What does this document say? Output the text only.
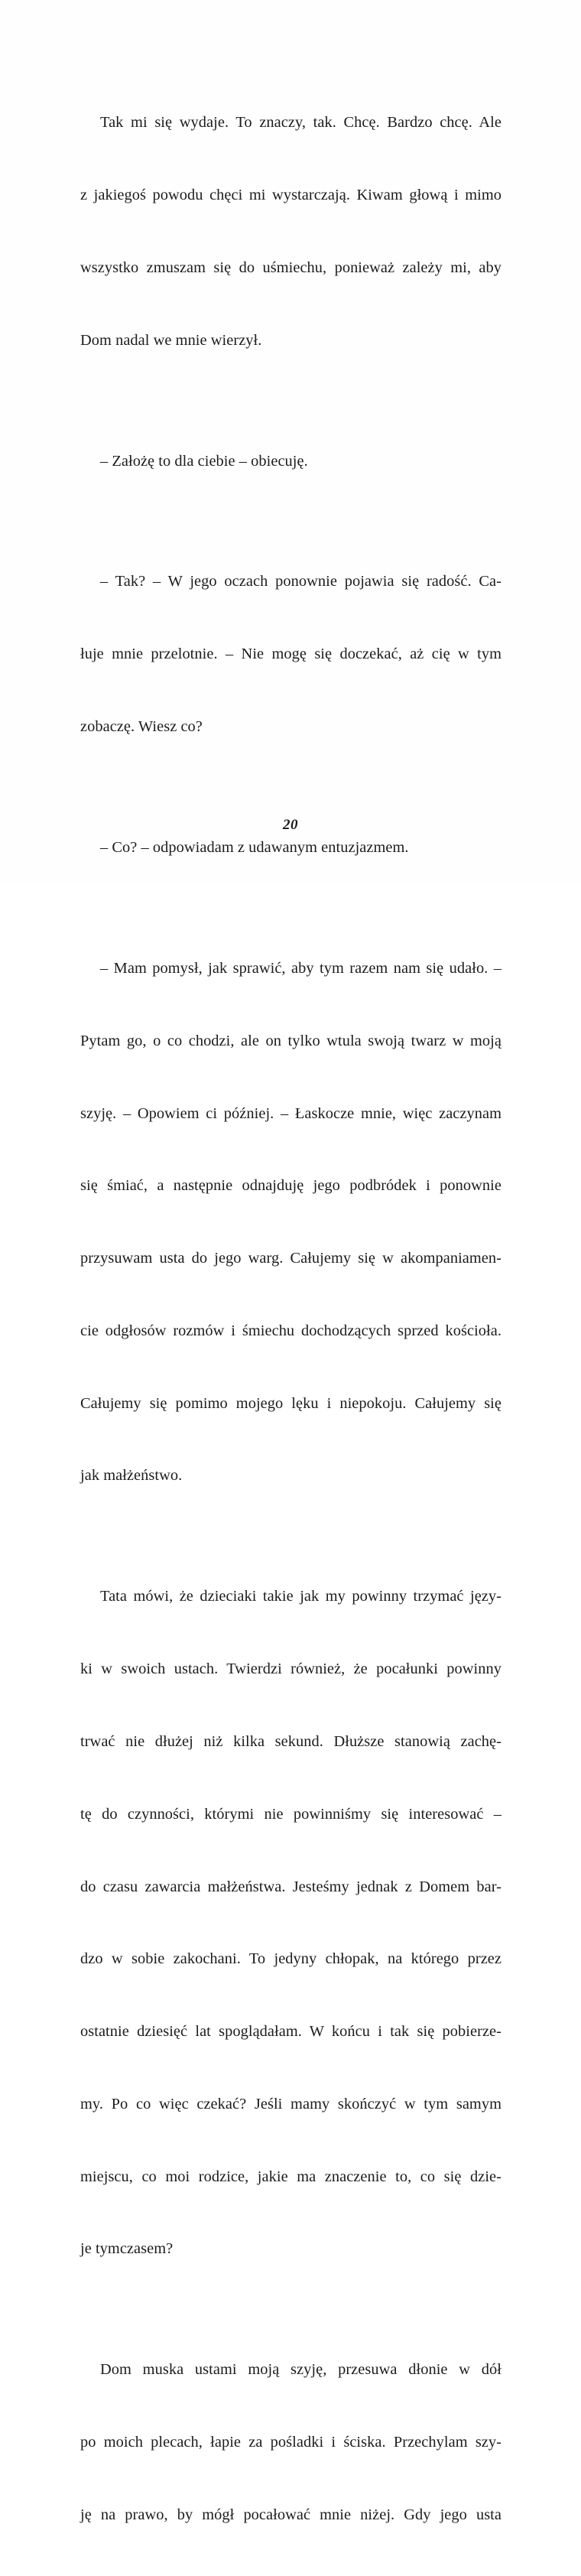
Tak mi się wydaje. To znaczy, tak. Chcę. Bardzo chcę. Ale

z jakiegoś powodu chęci mi wystarczają. Kiwam głową i mimo

wszystko zmuszam się do uśmiechu, ponieważ zależy mi, aby

Dom nadal we mnie wierzył.

– Założę to dla ciebie – obiecuję.

– Tak? – W jego oczach ponownie pojawia się radość. Ca-

łuje mnie przelotnie. – Nie mogę się doczekać, aż cię w tym

zobaczę. Wiesz co?

– Co? – odpowiadam z udawanym entuzjazmem.

– Mam pomysł, jak sprawić, aby tym razem nam się udało. –

Pytam go, o co chodzi, ale on tylko wtula swoją twarz w moją

szyję. – Opowiem ci później. – Łaskocze mnie, więc zaczynam

się śmiać, a następnie odnajduję jego podbródek i ponownie

przysuwam usta do jego warg. Całujemy się w akompaniamen-

cie odgłosów rozmów i śmiechu dochodzących sprzed kościoła.

Całujemy się pomimo mojego lęku i niepokoju. Całujemy się

jak małżeństwo.

Tata mówi, że dzieciaki takie jak my powinny trzymać języ-

ki w swoich ustach. Twierdzi również, że pocałunki powinny

trwać nie dłużej niż kilka sekund. Dłuższe stanowią zachę-

tę do czynności, którymi nie powinniśmy się interesować –

do czasu zawarcia małżeństwa. Jesteśmy jednak z Domem bar-

dzo w sobie zakochani. To jedyny chłopak, na którego przez

ostatnie dziesięć lat spoglądałam. W końcu i tak się pobierze-

my. Po co więc czekać? Jeśli mamy skończyć w tym samym

miejscu, co moi rodzice, jakie ma znaczenie to, co się dzie-

je tymczasem?

Dom muska ustami moją szyję, przesuwa dłonie w dół

po moich plecach, łapie za pośladki i ściska. Przechylam szy-

ję na prawo, by mógł pocałować mnie niżej. Gdy jego usta

20
